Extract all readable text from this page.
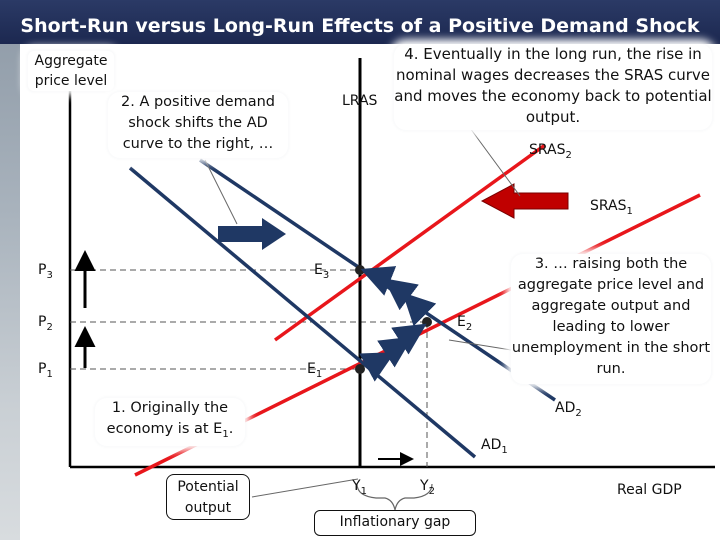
Short-Run versus Long-Run Effects of a Positive Demand Shock
Aggregate price level
Real GDP
2. A positive demand shock shifts the AD curve to the right, …
4. Eventually in the long run, the rise in nominal wages decreases the SRAS curve and moves the economy back to potential output.
3. … raising both the aggregate price level and aggregate output and leading to lower unemployment in the short run.
1. Originally the economy is at $E_1$.
LRAS
$SRAS_2$
$SRAS_1$
$AD_2$
$AD_1$
$E_3$
$E_2$
$E_1$
$P_3$
$P_2$
$P_1$
$Y_1$	$Y_2$
Potential output
Inflationary gap
